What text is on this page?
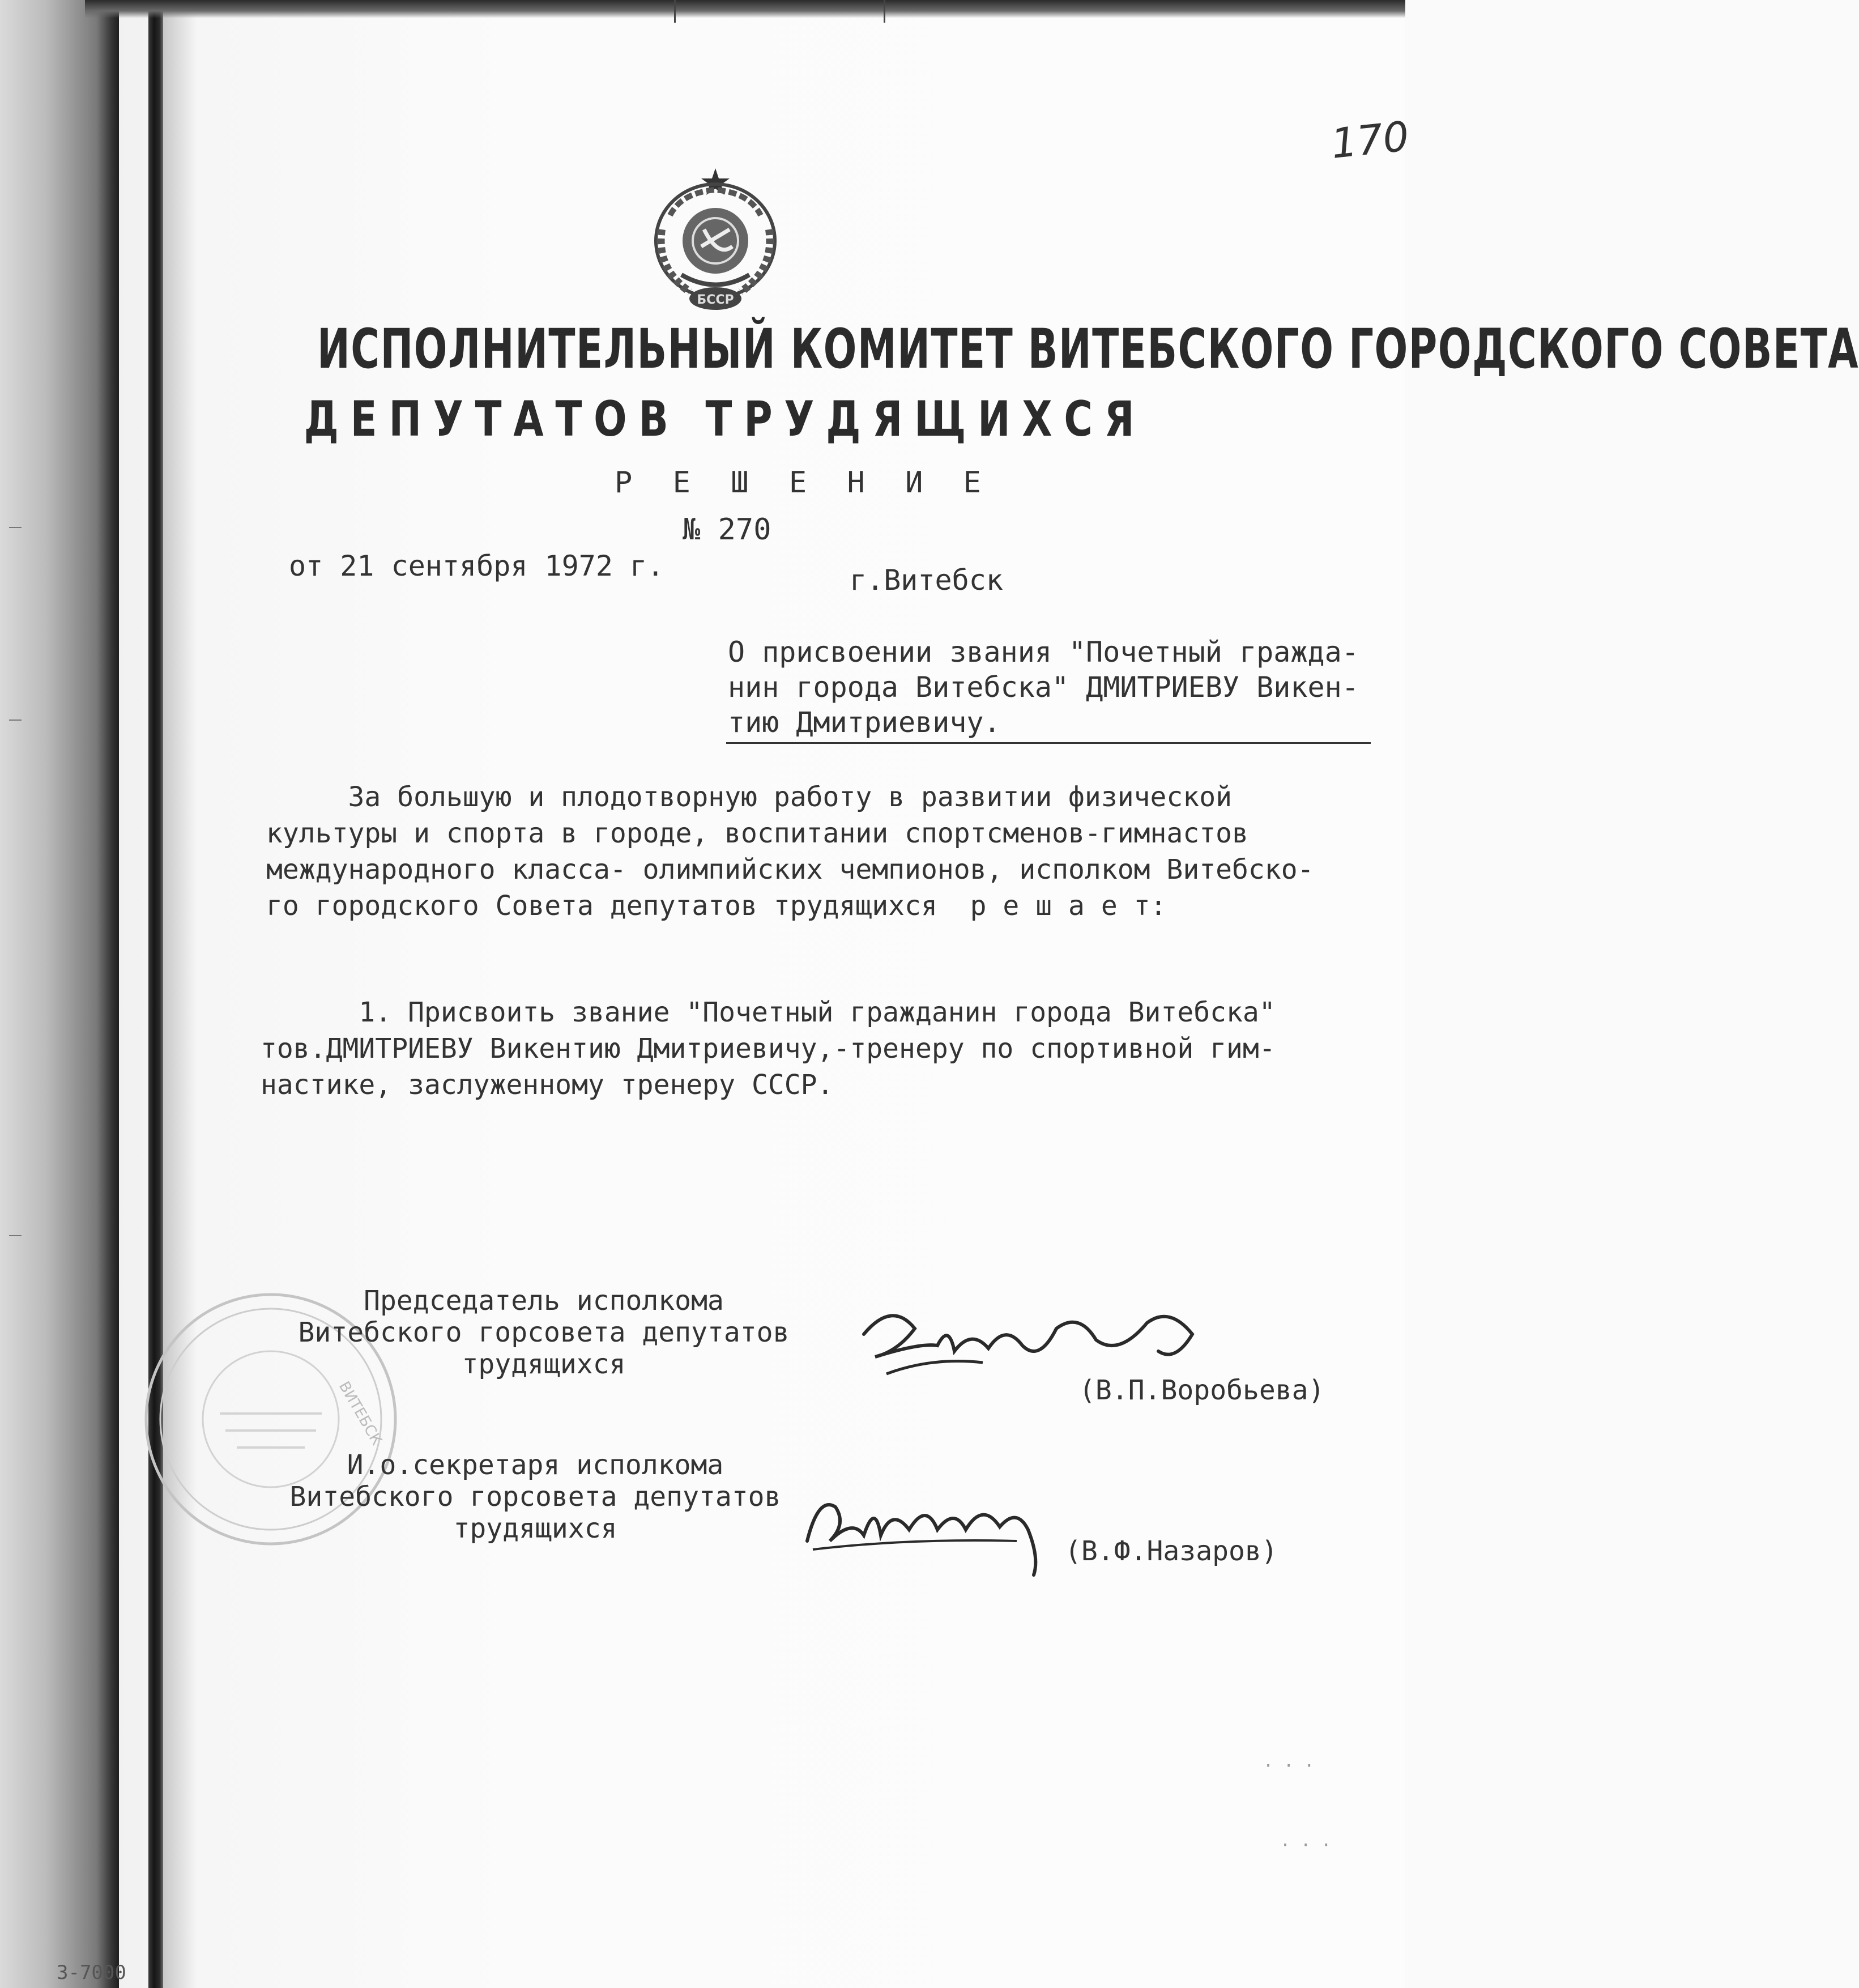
170
БССР
ИСПОЛНИТЕЛЬНЫЙ КОМИТЕТ ВИТЕБСКОГО ГОРОДСКОГО СОВЕТА
ДЕПУТАТОВ ТРУДЯЩИХСЯ
Р Е Ш Е Н И Е
№ 270
от 21 сентября 1972 г.	г.Витебск
О присвоении звания "Почетный гражда-
нин города Витебска" ДМИТРИЕВУ Викен-
тию Дмитриевичу.
За большую и плодотворную работу в развитии физической
культуры и спорта в городе, воспитании спортсменов-гимнастов
международного класса- олимпийских чемпионов, исполком Витебско-
го городского Совета депутатов трудящихся  р е ш а е т:
1. Присвоить звание "Почетный гражданин города Витебска"
тов.ДМИТРИЕВУ Викентию Дмитриевичу,-тренеру по спортивной гим-
настике, заслуженному тренеру СССР.
ВИТЕБСК
Председатель исполкома
Витебского горсовета депутатов
трудящихся
(В.П.Воробьева)
И.о.секретаря исполкома
Витебского горсовета депутатов
трудящихся
(В.Ф.Назаров)
· · ·
· · ·
3-7000
